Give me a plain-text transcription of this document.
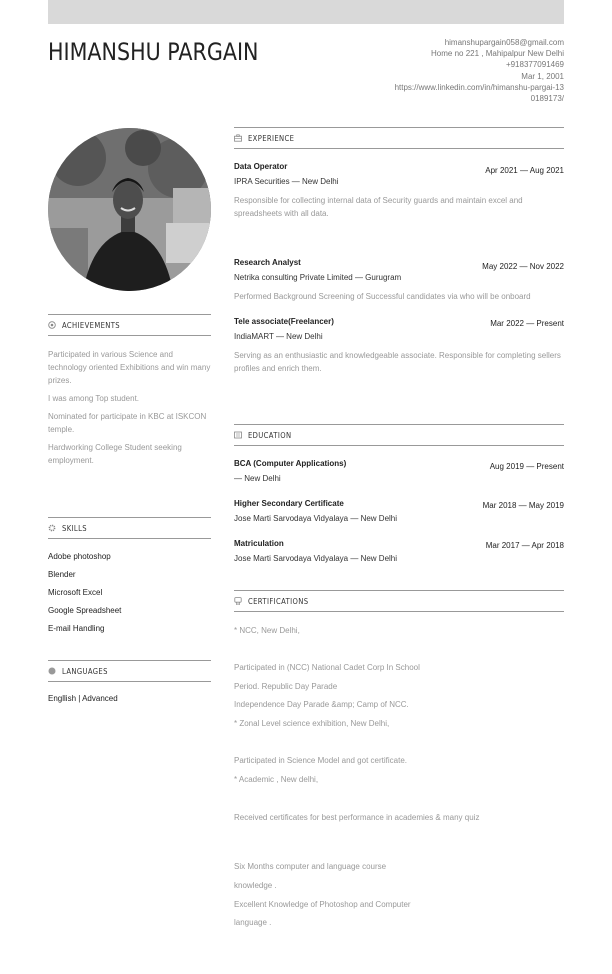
HIMANSHU PARGAIN	himanshupargain058@gmail.com
Home no 221 , Mahipalpur New Delhi
+918377091469
Mar 1, 2001
https://www.linkedin.com/in/himanshu-pargai-130189173/
ACHIEVEMENTS

Participated in various Science and technology oriented Exhibitions and win many prizes.

I was among Top student.

Nominated for participate in KBC at ISKCON temple.

Hardworking College Student seeking employment.

SKILLS
Adobe photoshop
Blender
Microsoft Excel
Google Spreadsheet
E-mail Handling
LANGUAGES
Engllish | Advanced
EXPERIENCE
Apr 2021 — Aug 2021
Data Operator
IPRA Securities — New Delhi
Responsible for collecting internal data of Security guards and maintain excel and spreadsheets with all data.
May 2022 — Nov 2022
Research Analyst
Netrika consulting Private Limited — Gurugram
Performed Background Screening of Successful candidates via who will be onboard
Mar 2022 — Present
Tele associate(Freelancer)
IndiaMART — New Delhi
Serving as an enthusiastic and knowledgeable associate. Responsible for completing sellers profiles and enrich them.
EDUCATION
Aug 2019 — Present
BCA (Computer Applications)
— New Delhi
Mar 2018 — May 2019
Higher Secondary Certificate
Jose Marti Sarvodaya Vidyalaya — New Delhi
Mar 2017 — Apr 2018
Matriculation
Jose Marti Sarvodaya Vidyalaya — New Delhi
CERTIFICATIONS
* NCC, New Delhi,
Participated in (NCC) National Cadet Corp In School
Period. Republic Day Parade
Independence Day Parade &amp; Camp of NCC.
* Zonal Level science exhibition, New Delhi,
Participated in Science Model and got certificate.
* Academic , New delhi,
Received certificates for best performance in academies & many quiz
Six Months computer and language course
knowledge .
Excellent Knowledge of Photoshop and Computer
language .
